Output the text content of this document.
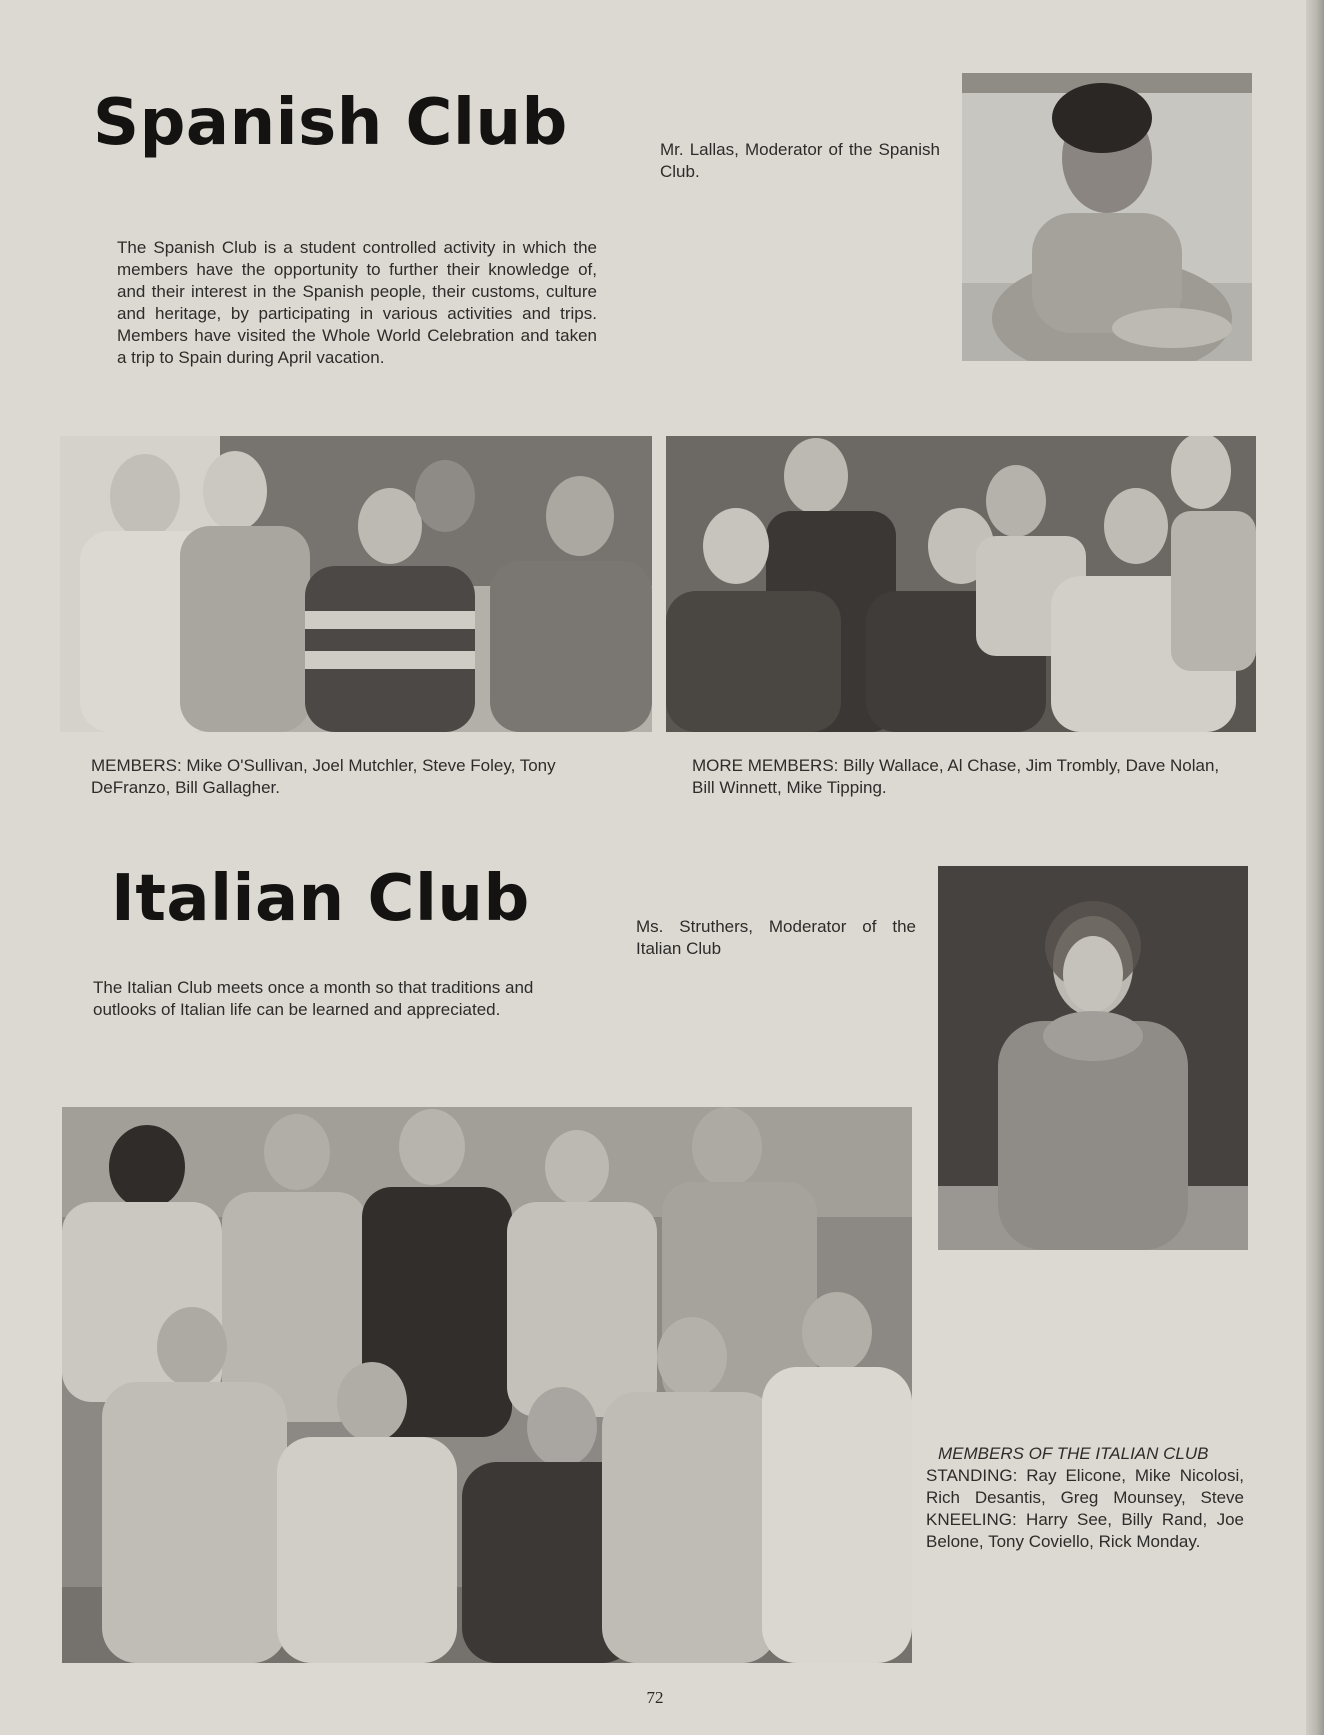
Spanish Club

The Spanish Club is a student controlled activity in which the members have the opportunity to further their knowledge of, and their interest in the Spanish people, their customs, culture and heritage, by participating in various activities and trips. Members have visited the Whole World Celebration and taken a trip to Spain during April vacation.

Mr. Lallas, Moderator of the Spanish Club.

MEMBERS: Mike O'Sullivan, Joel Mutchler, Steve Foley, Tony DeFranzo, Bill Gallagher.

MORE MEMBERS: Billy Wallace, Al Chase, Jim Trombly, Dave Nolan, Bill Winnett, Mike Tipping.

Italian Club

The Italian Club meets once a month so that traditions and outlooks of Italian life can be learned and appreciated.

Ms. Struthers, Moderator of the Italian Club

MEMBERS OF THE ITALIAN CLUB
STANDING: Ray Elicone, Mike Nicolosi, Rich Desantis, Greg Mounsey, Steve KNEELING: Harry See, Billy Rand, Joe Belone, Tony Coviello, Rick Monday.

72
